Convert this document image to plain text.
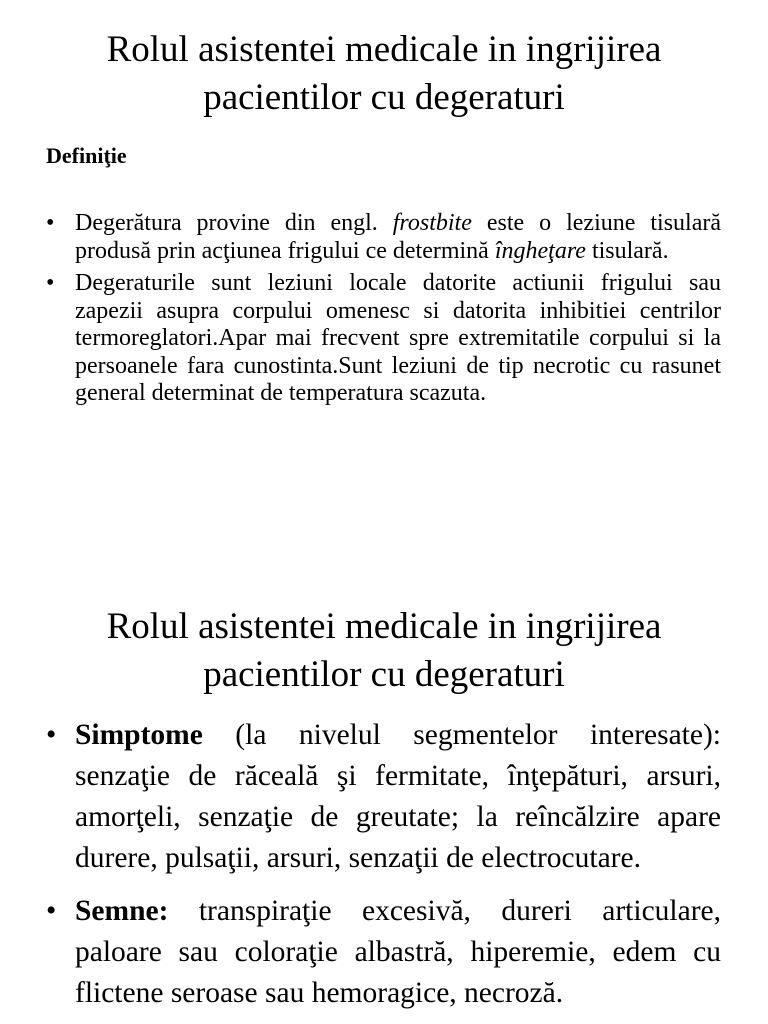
Rolul asistentei medicale in ingrijirea
pacientilor cu degeraturi
Definiţie
• Degerătura provine din engl. frostbite este o leziune tisulară produsă prin acţiunea frigului ce determină îngheţare tisulară.
• Degeraturile sunt leziuni locale datorite actiunii frigului sau zapezii asupra corpului omenesc si datorita inhibitiei centrilor termoreglatori.Apar mai frecvent spre extremitatile corpului si la persoanele fara cunostinta.Sunt leziuni de tip necrotic cu rasunet general determinat de temperatura scazuta.
Rolul asistentei medicale in ingrijirea
pacientilor cu degeraturi
• Simptome (la nivelul segmentelor interesate): senzaţie de răceală şi fermitate, înţepături, arsuri, amorţeli, senzaţie de greutate; la reîncălzire apare durere, pulsaţii, arsuri, senzaţii de electrocutare.
• Semne: transpiraţie excesivă, dureri articulare, paloare sau coloraţie albastră, hiperemie, edem cu flictene seroase sau hemoragice, necroză.
